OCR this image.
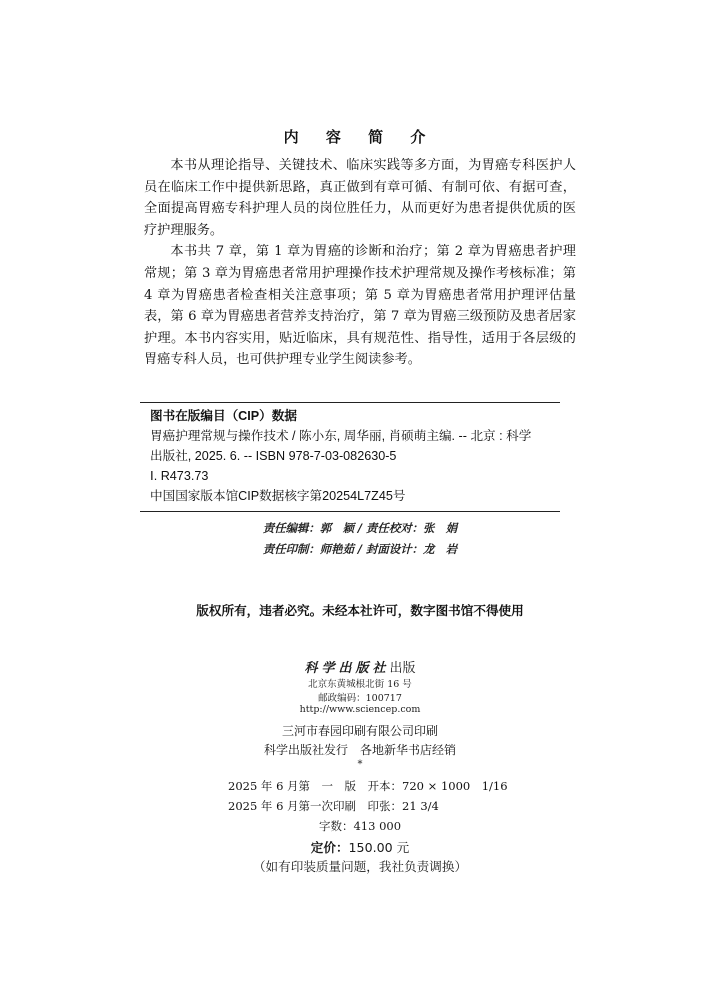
内 容 简 介

本书从理论指导、关键技术、临床实践等多方面，为胃癌专科医护人员在临床工作中提供新思路，真正做到有章可循、有制可依、有据可查，全面提高胃癌专科护理人员的岗位胜任力，从而更好为患者提供优质的医疗护理服务。

本书共 7 章，第 1 章为胃癌的诊断和治疗；第 2 章为胃癌患者护理常规；第 3 章为胃癌患者常用护理操作技术护理常规及操作考核标准；第 4 章为胃癌患者检查相关注意事项；第 5 章为胃癌患者常用护理评估量表，第 6 章为胃癌患者营养支持治疗，第 7 章为胃癌三级预防及患者居家护理。本书内容实用，贴近临床，具有规范性、指导性，适用于各层级的胃癌专科人员，也可供护理专业学生阅读参考。

图书在版编目（CIP）数据
胃癌护理常规与操作技术 / 陈小东, 周华丽, 肖硕萌主编. -- 北京 : 科学
出版社, 2025. 6. -- ISBN 978-7-03-082630-5
Ⅰ. R473.73
中国国家版本馆CIP数据核字第20254L7Z45号
责任编辑：郭　颖 / 责任校对：张　娟
责任印制：师艳茹 / 封面设计：龙　岩
版权所有，违者必究。未经本社许可，数字图书馆不得使用
科学出版社出版
北京东黄城根北街 16 号
邮政编码：100717
http://www.sciencep.com
三河市春园印刷有限公司印刷
科学出版社发行　各地新华书店经销
*
2025 年 6 月第　一　版　开本：720 × 1000　1/16
2025 年 6 月第一次印刷　印张：21 3/4
字数：413 000
定价：150.00 元
（如有印装质量问题，我社负责调换）
